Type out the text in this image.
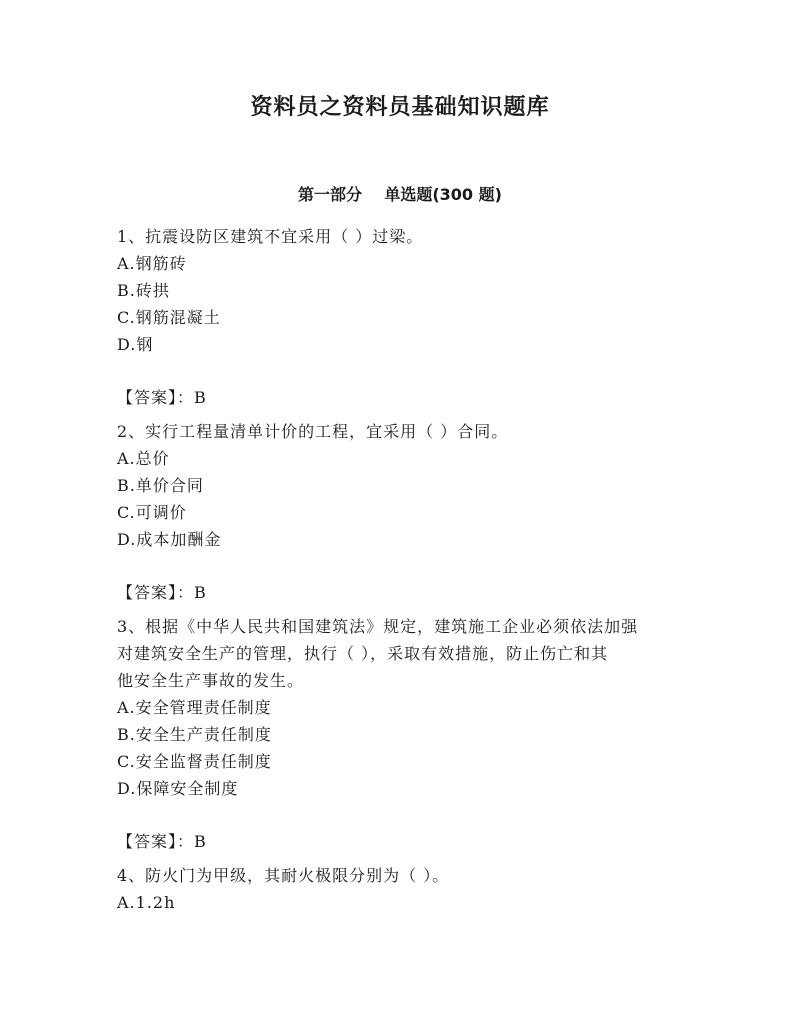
资料员之资料员基础知识题库
第一部分    单选题(300 题)
1、抗震设防区建筑不宜采用（ ）过梁。
A.钢筋砖
B.砖拱
C.钢筋混凝土
D.钢
【答案】：B
2、实行工程量清单计价的工程，宜采用（ ）合同。
A.总价
B.单价合同
C.可调价
D.成本加酬金
【答案】：B
3、根据《中华人民共和国建筑法》规定，建筑施工企业必须依法加强
对建筑安全生产的管理，执行（ ），采取有效措施，防止伤亡和其
他安全生产事故的发生。
A.安全管理责任制度
B.安全生产责任制度
C.安全监督责任制度
D.保障安全制度
【答案】：B
4、防火门为甲级，其耐火极限分别为（ ）。
A.1.2h
